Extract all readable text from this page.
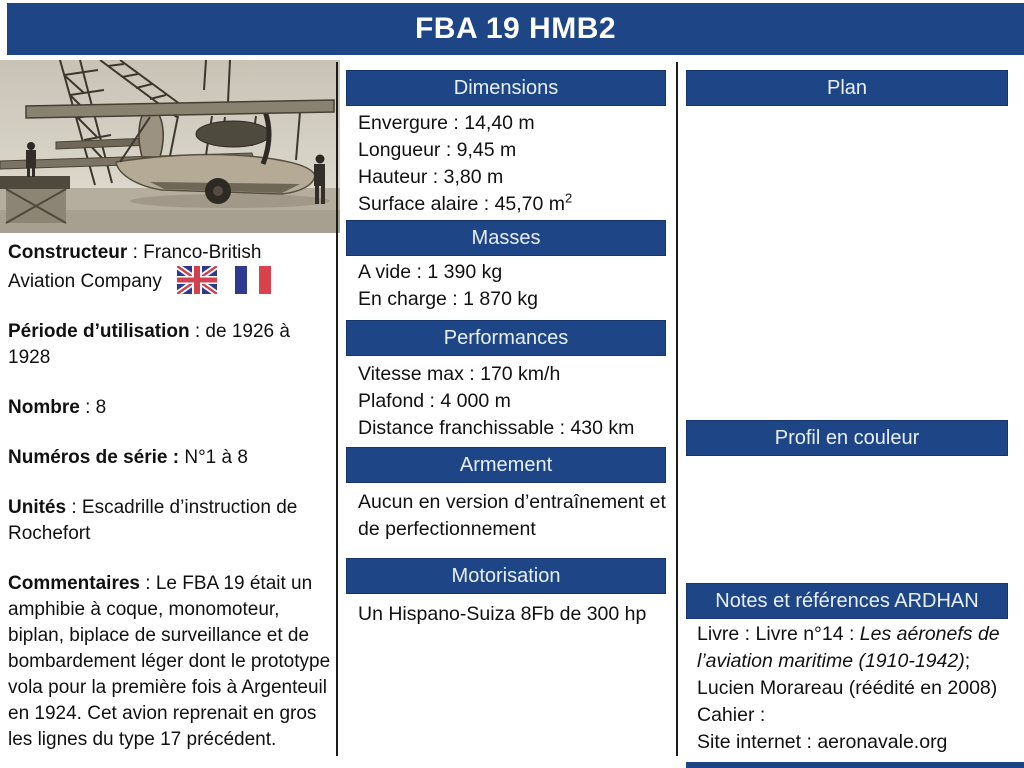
FBA 19 HMB2
Constructeur : Franco-British Aviation Company
Période d’utilisation : de 1926 à 1928
Nombre : 8
Numéros de série : N°1 à 8
Unités : Escadrille d’instruction de Rochefort
Commentaires : Le FBA 19 était un amphibie à coque, monomoteur, biplan, biplace de surveillance et de bombardement léger dont le prototype vola pour la première fois à Argenteuil en 1924. Cet avion reprenait en gros les lignes du type 17 précédent.
Dimensions
Envergure : 14,40 m
Longueur : 9,45 m
Hauteur : 3,80 m
Surface alaire : 45,70 $m^2$
Masses
A vide : 1 390 kg
En charge : 1 870 kg
Performances
Vitesse max : 170 km/h
Plafond : 4 000 m
Distance franchissable : 430 km
Armement
Aucun en version d’entraînement et de perfectionnement
Motorisation
Un Hispano-Suiza 8Fb de 300 hp
Plan
Profil en couleur
Notes et références ARDHAN
Livre : Livre n°14 : Les aéronefs de l’aviation maritime (1910-1942); Lucien Morareau (réédité en 2008)
Cahier :
Site internet : aeronavale.org
